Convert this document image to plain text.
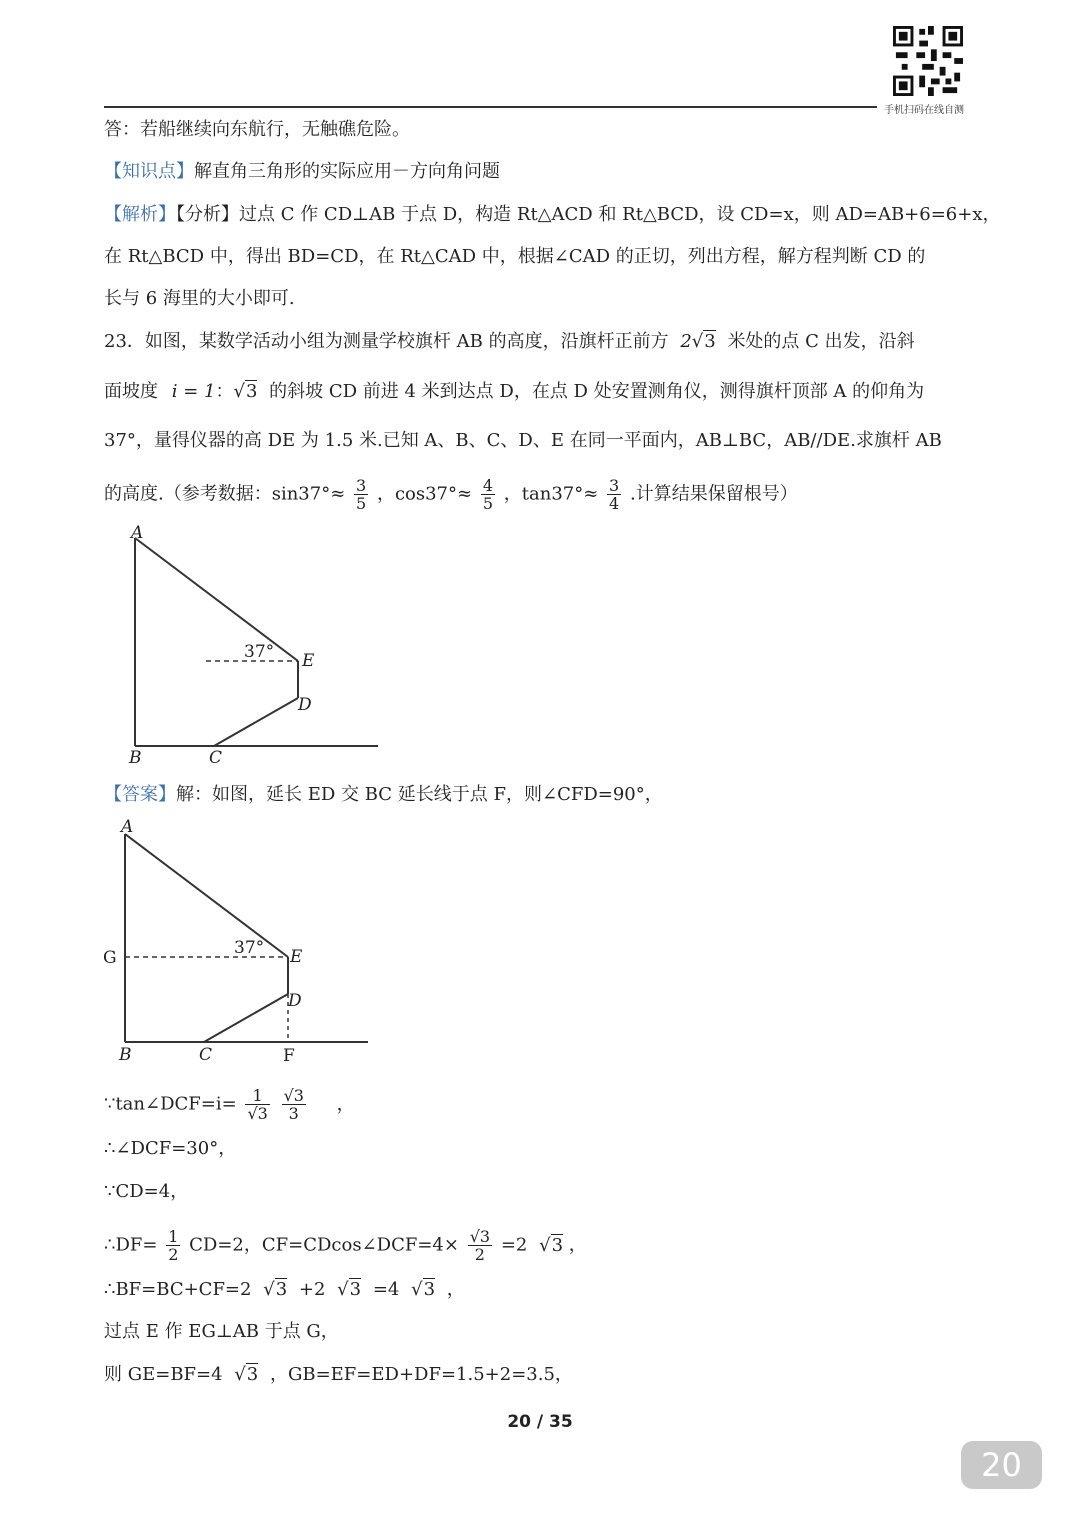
手机扫码在线自测
答：若船继续向东航行，无触礁危险。
【知识点】解直角三角形的实际应用－方向角问题
【解析】【分析】过点 C 作 CD⊥AB 于点 D，构造 Rt△ACD 和 Rt△BCD，设 CD=x，则 AD=AB+6=6+x，
在 Rt△BCD 中，得出 BD=CD，在 Rt△CAD 中，根据∠CAD 的正切，列出方程，解方程判断 CD 的
长与 6 海里的大小即可.
23．如图，某数学活动小组为测量学校旗杆 AB 的高度，沿旗杆正前方 2√3 米处的点 C 出发，沿斜
面坡度 i = 1：√3 的斜坡 CD 前进 4 米到达点 D，在点 D 处安置测角仪，测得旗杆顶部 A 的仰角为
37°，量得仪器的高 DE 为 1.5 米.已知 A、B、C、D、E 在同一平面内，AB⊥BC，AB//DE.求旗杆 AB
的高度.（参考数据：$\sin 37^\circ\approx \frac{3}{5}$ ，$\cos 37^\circ\approx \frac{4}{5}$ ，$\tan 37^\circ\approx \frac{3}{4}$ .计算结果保留根号）
A
B	C
D
E
37°
【答案】解：如图，延长 ED 交 BC 延长线于点 F，则∠CFD=90°，
A
B	C
D
E
F
G	37°
∵tan∠DCF=i= $\frac{1}{√3}$
$\frac{√3}{3}$ ，
∴∠DCF=30°，
∵CD=4，
∴DF= $\frac{1}{2} CD=2$，CF=CDcos∠DCF=4× $\frac{√3}{2} =2$ √3 ，
∴BF=BC+CF=2 √3 +2 √3 =4 √3 ，
过点 E 作 EG⊥AB 于点 G，
则 GE=BF=4 √3 ，GB=EF=ED+DF=1.5+2=3.5，
20 / 35
20
